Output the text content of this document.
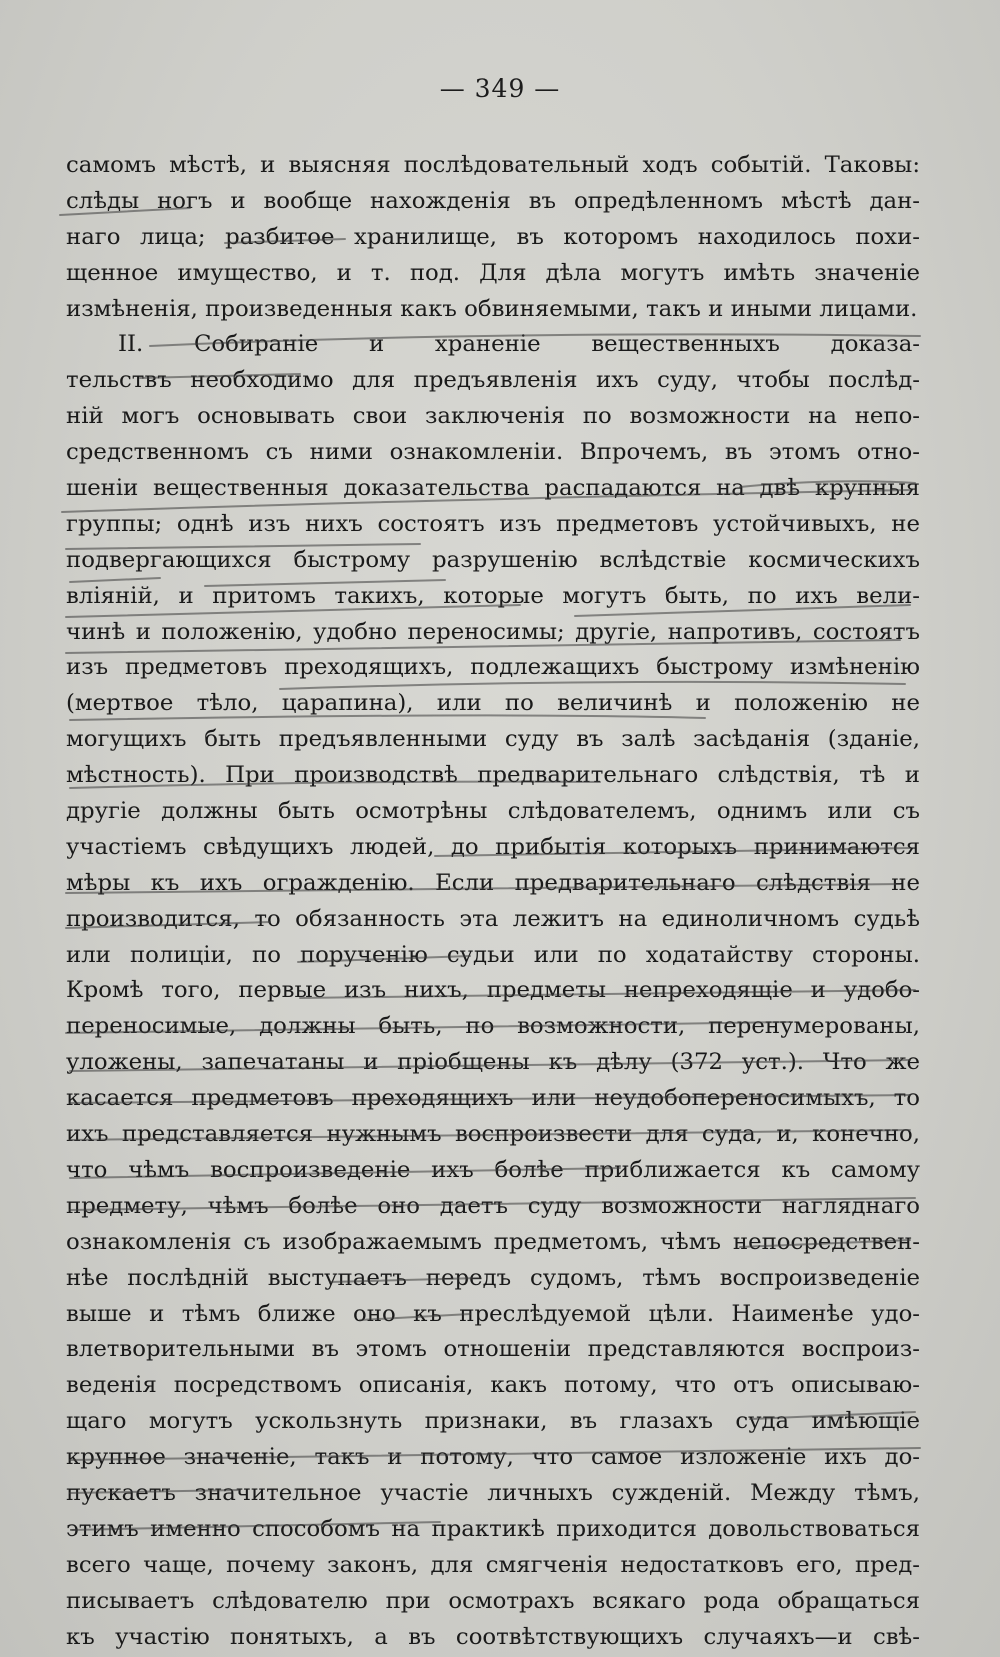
— 349 —
самомъ мѣстѣ, и выясняя послѣдовательный ходъ событій. Таковы:
слѣды ногъ и вообще нахожденія въ опредѣленномъ мѣстѣ дан-
наго лица; разбитое хранилище, въ которомъ находилось похи-
щенное имущество, и т. под. Для дѣла могутъ имѣть значеніе
измѣненія, произведенныя какъ обвиняемыми, такъ и иными лицами.
II. Собираніе и храненіе вещественныхъ доказа-
тельствъ необходимо для предъявленія ихъ суду, чтобы послѣд-
ній могъ основывать свои заключенія по возможности на непо-
средственномъ съ ними ознакомленіи. Впрочемъ, въ этомъ отно-
шеніи вещественныя доказательства распадаются на двѣ крупныя
группы; однѣ изъ нихъ состоятъ изъ предметовъ устойчивыхъ, не
подвергающихся быстрому разрушенію вслѣдствіе космическихъ
вліяній, и притомъ такихъ, которые могутъ быть, по ихъ вели-
чинѣ и положенію, удобно переносимы; другіе, напротивъ, состоятъ
изъ предметовъ преходящихъ, подлежащихъ быстрому измѣненію
(мертвое тѣло, царапина), или по величинѣ и положенію не
могущихъ быть предъявленными суду въ залѣ засѣданія (зданіе,
мѣстность). При производствѣ предварительнаго слѣдствія, тѣ и
другіе должны быть осмотрѣны слѣдователемъ, однимъ или съ
участіемъ свѣдущихъ людей, до прибытія которыхъ принимаются
мѣры къ ихъ огражденію. Если предварительнаго слѣдствія не
производится, то обязанность эта лежитъ на единоличномъ судьѣ
или полиціи, по порученію судьи или по ходатайству стороны.
Кромѣ того, первые изъ нихъ, предметы непреходящіе и удобо-
переносимые, должны быть, по возможности, перенумерованы,
уложены, запечатаны и пріобщены къ дѣлу (372 уст.). Что же
касается предметовъ преходящихъ или неудобопереносимыхъ, то
ихъ представляется нужнымъ воспроизвести для суда, и, конечно,
что чѣмъ воспроизведеніе ихъ болѣе приближается къ самому
предмету, чѣмъ болѣе оно даетъ суду возможности нагляднаго
ознакомленія съ изображаемымъ предметомъ, чѣмъ непосредствен-
нѣе послѣдній выступаетъ передъ судомъ, тѣмъ воспроизведеніе
выше и тѣмъ ближе оно къ преслѣдуемой цѣли. Наименѣе удо-
влетворительными въ этомъ отношеніи представляются воспроиз-
веденія посредствомъ описанія, какъ потому, что отъ описываю-
щаго могутъ ускользнуть признаки, въ глазахъ суда имѣющіе
крупное значеніе, такъ и потому, что самое изложеніе ихъ до-
пускаетъ значительное участіе личныхъ сужденій. Между тѣмъ,
этимъ именно способомъ на практикѣ приходится довольствоваться
всего чаще, почему законъ, для смягченія недостатковъ его, пред-
писываетъ слѣдователю при осмотрахъ всякаго рода обращаться
къ участію понятыхъ, а въ соотвѣтствующихъ случаяхъ—и свѣ-
